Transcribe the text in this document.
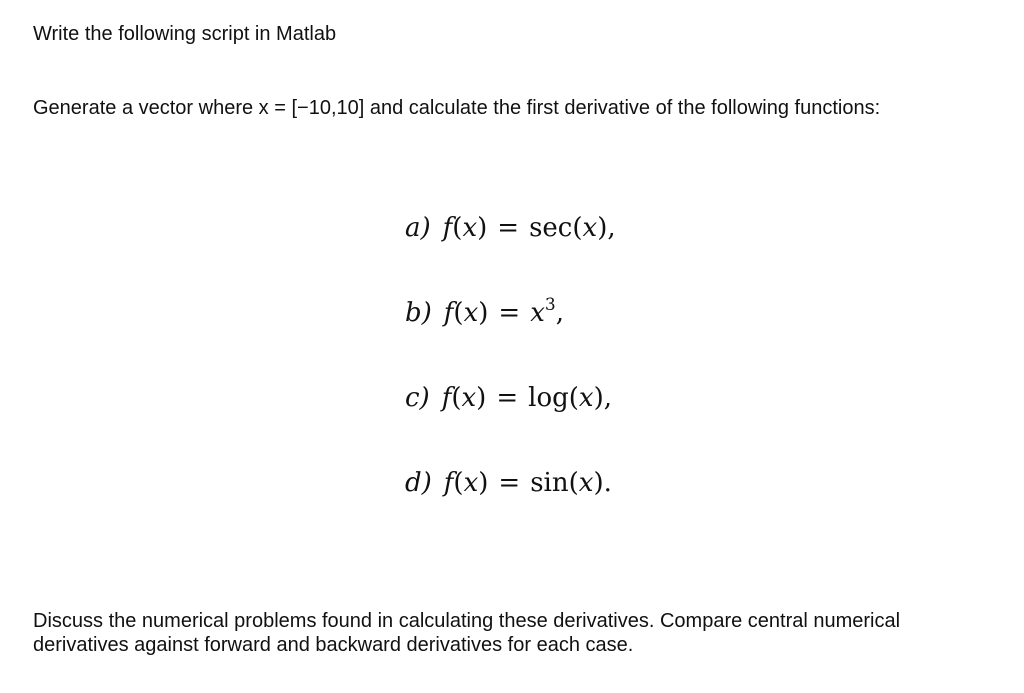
Write the following script in Matlab

Generate a vector where x = [−10,10] and calculate the first derivative of the following functions:

a) f(x) = sec(x),
b) $f(x) = x^3$,
c) f(x) = log(x),
d) f(x) = sin(x).

Discuss the numerical problems found in calculating these derivatives. Compare central numerical derivatives against forward and backward derivatives for each case.
